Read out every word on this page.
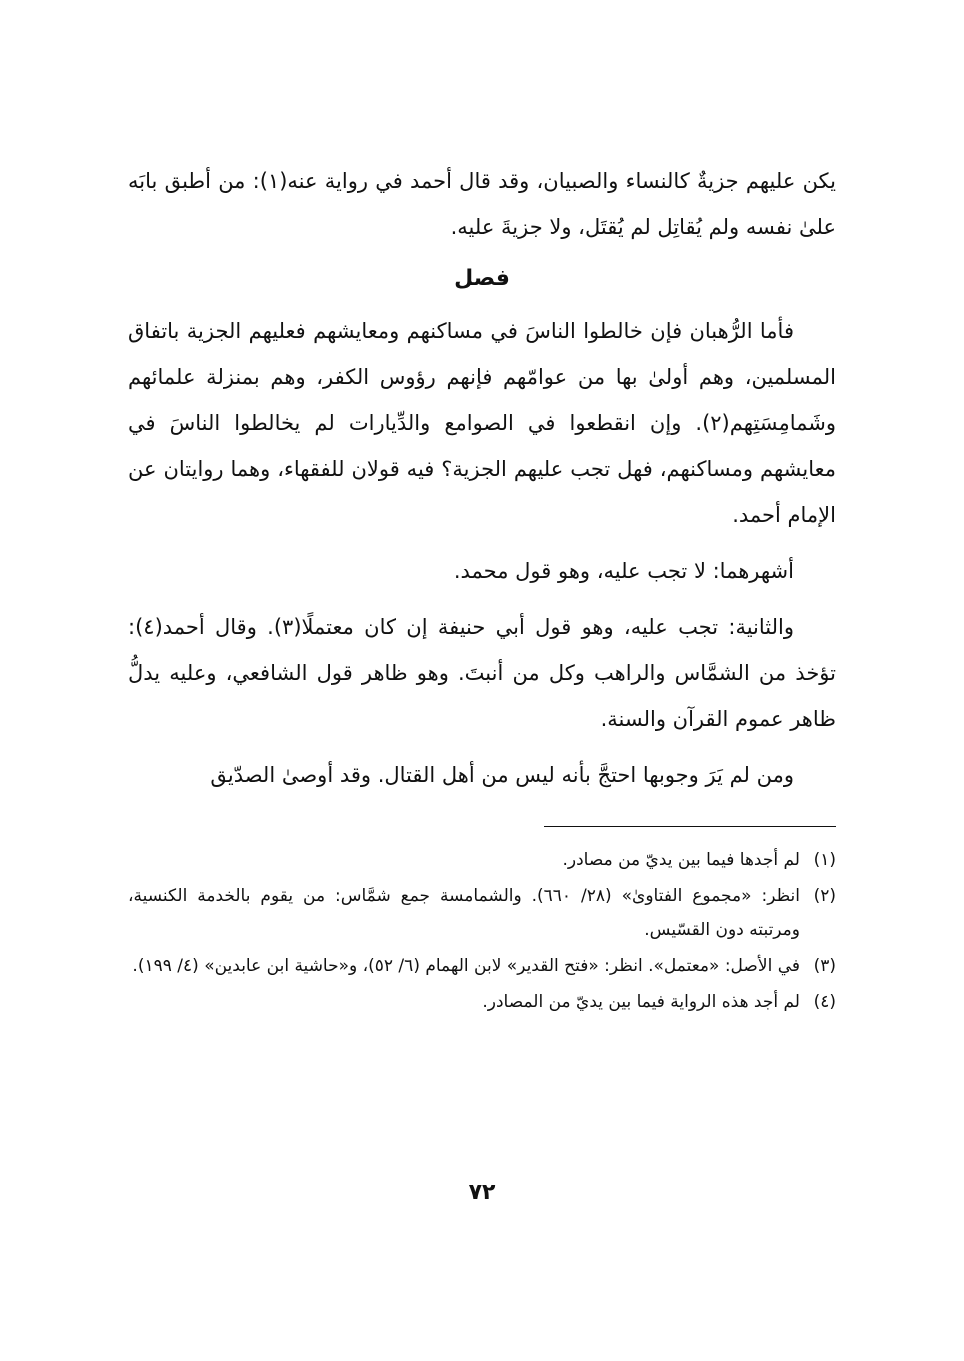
يكن عليهم جزيةٌ كالنساء والصبيان، وقد قال أحمد في رواية عنه(١): من أطبق بابَه علىٰ نفسه ولم يُقاتِل لم يُقتَل، ولا جزيةَ عليه.

فصل

فأما الرُّهبان فإن خالطوا الناسَ في مساكنهم ومعايشهم فعليهم الجزية باتفاق المسلمين، وهم أولىٰ بها من عوامّهم فإنهم رؤوس الكفر، وهم بمنزلة علمائهم وشَمامِسَتِهم(٢). وإن انقطعوا في الصوامع والدِّيارات لم يخالطوا الناسَ في معايشهم ومساكنهم، فهل تجب عليهم الجزية؟ فيه قولان للفقهاء، وهما روايتان عن الإمام أحمد.

أشهرهما: لا تجب عليه، وهو قول محمد.

والثانية: تجب عليه، وهو قول أبي حنيفة إن كان معتملًا(٣). وقال أحمد(٤): تؤخذ من الشمَّاس والراهب وكل من أنبتَ. وهو ظاهر قول الشافعي، وعليه يدلُّ ظاهر عموم القرآن والسنة.

ومن لم يَرَ وجوبها احتجَّ بأنه ليس من أهل القتال. وقد أوصىٰ الصدّيق

(١)
لم أجدها فيما بين يديّ من مصادر.
(٢)
انظر: «مجموع الفتاوىٰ» (٢٨/ ٦٦٠). والشمامسة جمع شمَّاس: من يقوم بالخدمة الكنسية، ومرتبته دون القسّيس.
(٣)
في الأصل: «معتمل». انظر: «فتح القدير» لابن الهمام (٦/ ٥٢)، و«حاشية ابن عابدين» (٤/ ١٩٩).
(٤)
لم أجد هذه الرواية فيما بين يديّ من المصادر.
٧٢
